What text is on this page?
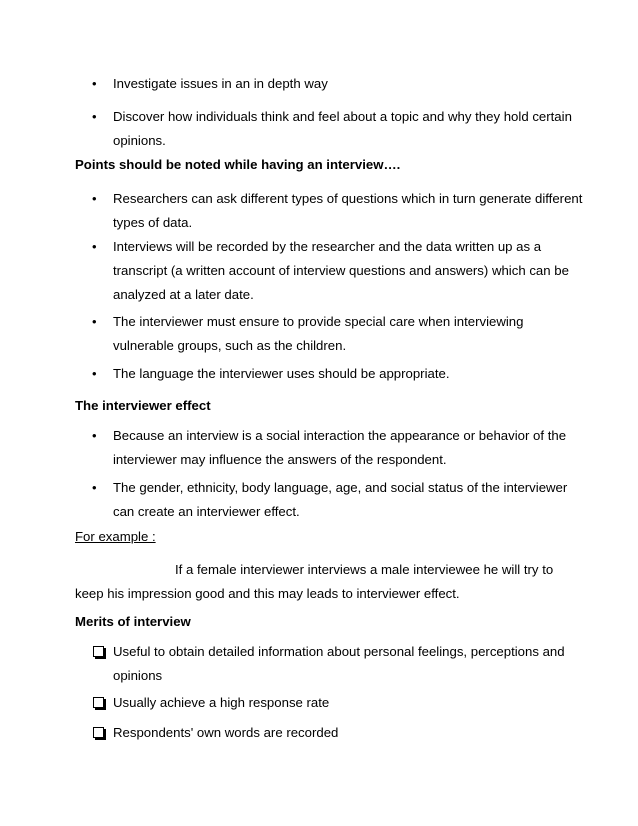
• Investigate issues in an in depth way
• Discover how individuals think and feel about a topic and why they hold certain opinions.
Points should be noted while having an interview….
• Researchers can ask different types of questions which in turn generate different types of data.
• Interviews will be recorded by the researcher and the data written up as a transcript (a written account of interview questions and answers) which can be analyzed at a later date.
• The interviewer must ensure to provide special care when interviewing vulnerable groups, such as the children.
• The language the interviewer uses should be appropriate.
The interviewer effect
• Because an interview is a social interaction the appearance or behavior of the interviewer may influence the answers of the respondent.
• The gender, ethnicity, body language, age, and social status of the interviewer can create an interviewer effect.
For example :
If a female interviewer interviews a male interviewee he will try to keep his impression good and this may leads to interviewer effect.
Merits of interview
Useful to obtain detailed information about personal feelings, perceptions and opinions
Usually achieve a high response rate
Respondents' own words are recorded
